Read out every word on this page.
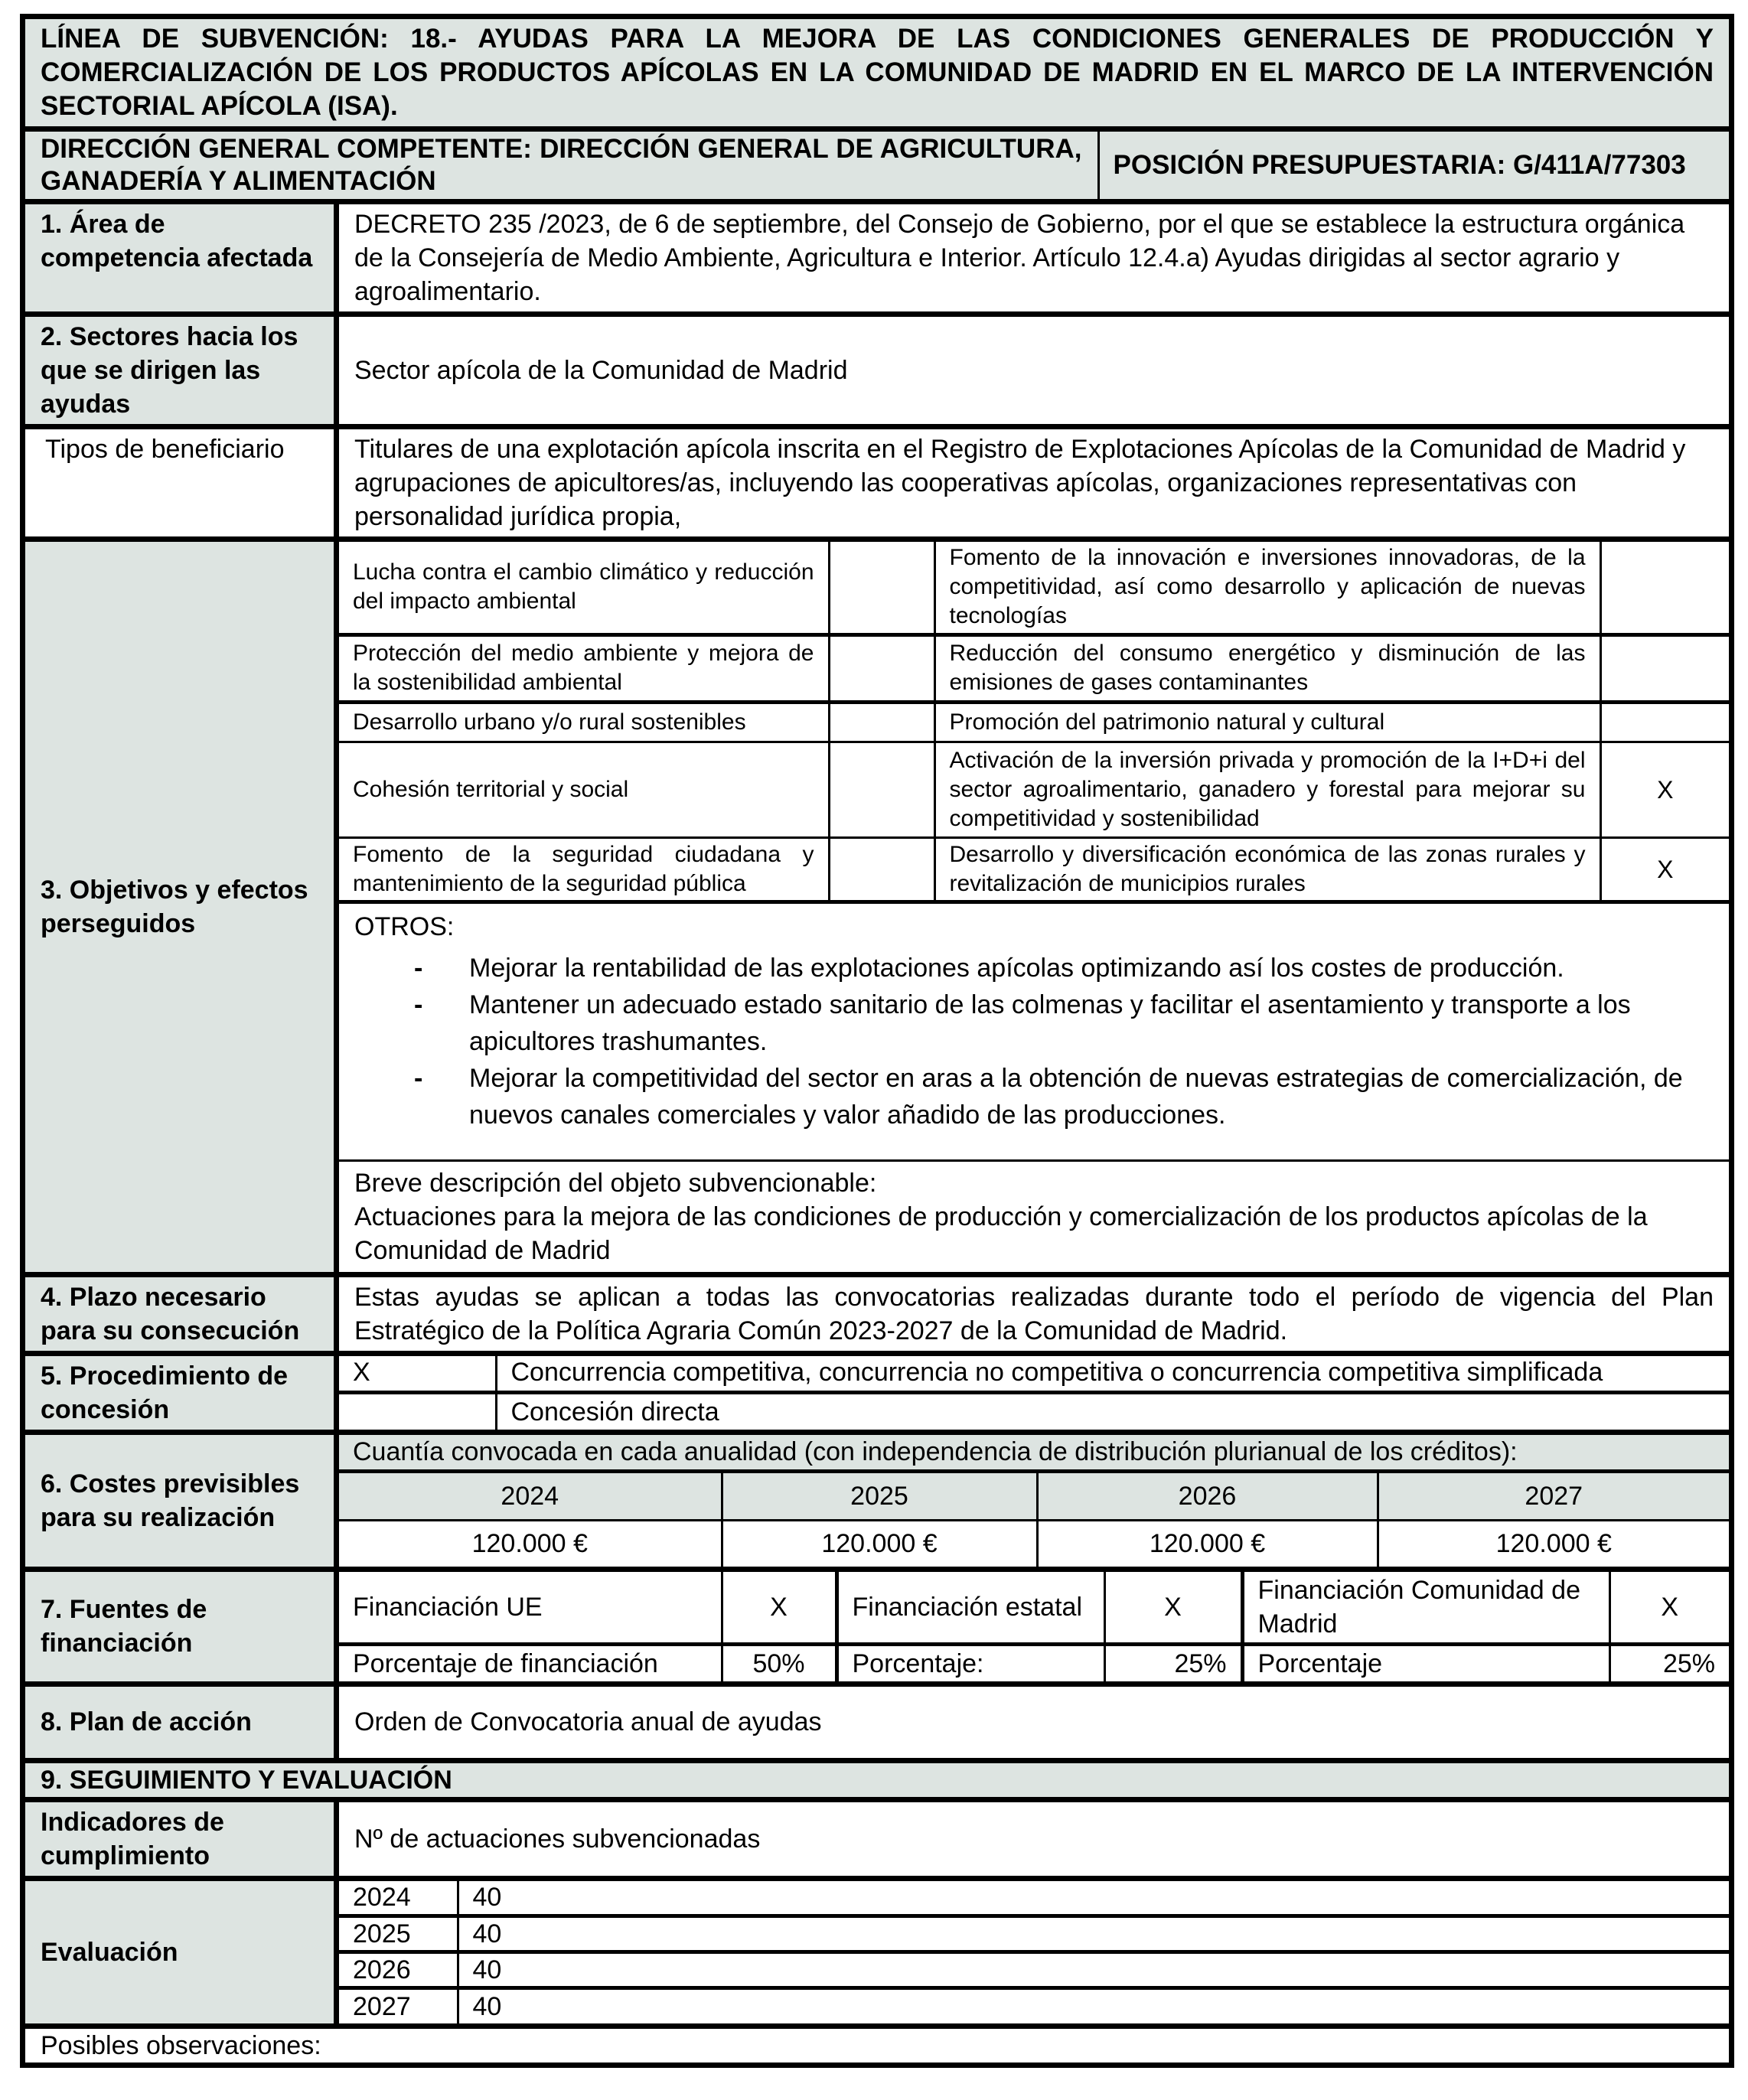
LÍNEA DE SUBVENCIÓN: 18.- AYUDAS PARA LA MEJORA DE LAS CONDICIONES GENERALES DE PRODUCCIÓN Y COMERCIALIZACIÓN DE LOS PRODUCTOS APÍCOLAS EN LA COMUNIDAD DE MADRID EN EL MARCO DE LA INTERVENCIÓN SECTORIAL APÍCOLA (ISA).

DIRECCIÓN GENERAL COMPETENTE: DIRECCIÓN GENERAL DE AGRICULTURA, GANADERÍA Y ALIMENTACIÓN	POSICIÓN PRESUPUESTARIA: G/411A/77303

1. Área de competencia afectada	DECRETO 235 /2023, de 6 de septiembre, del Consejo de Gobierno, por el que se establece la estructura orgánica de la Consejería de Medio Ambiente, Agricultura e Interior. Artículo 12.4.a) Ayudas dirigidas al sector agrario y agroalimentario.
2. Sectores hacia los que se dirigen las ayudas	Sector apícola de la Comunidad de Madrid
Tipos de beneficiario	Titulares de una explotación apícola inscrita en el Registro de Explotaciones Apícolas de la Comunidad de Madrid y agrupaciones de apicultores/as, incluyendo las cooperativas apícolas, organizaciones representativas con personalidad jurídica propia,
3. Objetivos y efectos perseguidos	
Lucha contra el cambio climático y reducción del impacto ambiental		Fomento de la innovación e inversiones innovadoras, de la competitividad, así como desarrollo y aplicación de nuevas tecnologías	
Protección del medio ambiente y mejora de la sostenibilidad ambiental		Reducción del consumo energético y disminución de las emisiones de gases contaminantes	
Desarrollo urbano y/o rural sostenibles		Promoción del patrimonio natural y cultural	
Cohesión territorial y social		Activación de la inversión privada y promoción de la I+D+i del sector agroalimentario, ganadero y forestal para mejorar su competitividad y sostenibilidad	X
Fomento de la seguridad ciudadana y mantenimiento de la seguridad pública		Desarrollo y diversificación económica de las zonas rurales y revitalización de municipios rurales	X

OTROS:
- Mejorar la rentabilidad de las explotaciones apícolas optimizando así los costes de producción.
- Mantener un adecuado estado sanitario de las colmenas y facilitar el asentamiento y transporte a los apicultores trashumantes.
- Mejorar la competitividad del sector en aras a la obtención de nuevas estrategias de comercialización, de nuevos canales comerciales y valor añadido de las producciones.

Breve descripción del objeto subvencionable:
Actuaciones para la mejora de las condiciones de producción y comercialización de los productos apícolas de la Comunidad de Madrid

4. Plazo necesario para su consecución	Estas ayudas se aplican a todas las convocatorias realizadas durante todo el período de vigencia del Plan Estratégico de la Política Agraria Común 2023-2027 de la Comunidad de Madrid.
5. Procedimiento de concesión	
X	Concurrencia competitiva, concurrencia no competitiva o concurrencia competitiva simplificada
	Concesión directa

6. Costes previsibles para su realización	
Cuantía convocada en cada anualidad (con independencia de distribución plurianual de los créditos):
2024	2025	2026	2027
120.000 €	120.000 €	120.000 €	120.000 €

7. Fuentes de financiación	
Financiación UE	X	Financiación estatal	X	Financiación Comunidad de Madrid	X
Porcentaje de financiación	50%	Porcentaje:	25%	Porcentaje	25%

8. Plan de acción	Orden de Convocatoria anual de ayudas
9. SEGUIMIENTO Y EVALUACIÓN
Indicadores de cumplimiento	Nº de actuaciones subvencionadas
Evaluación	
2024	40
2025	40
2026	40
2027	40

Posibles observaciones:
